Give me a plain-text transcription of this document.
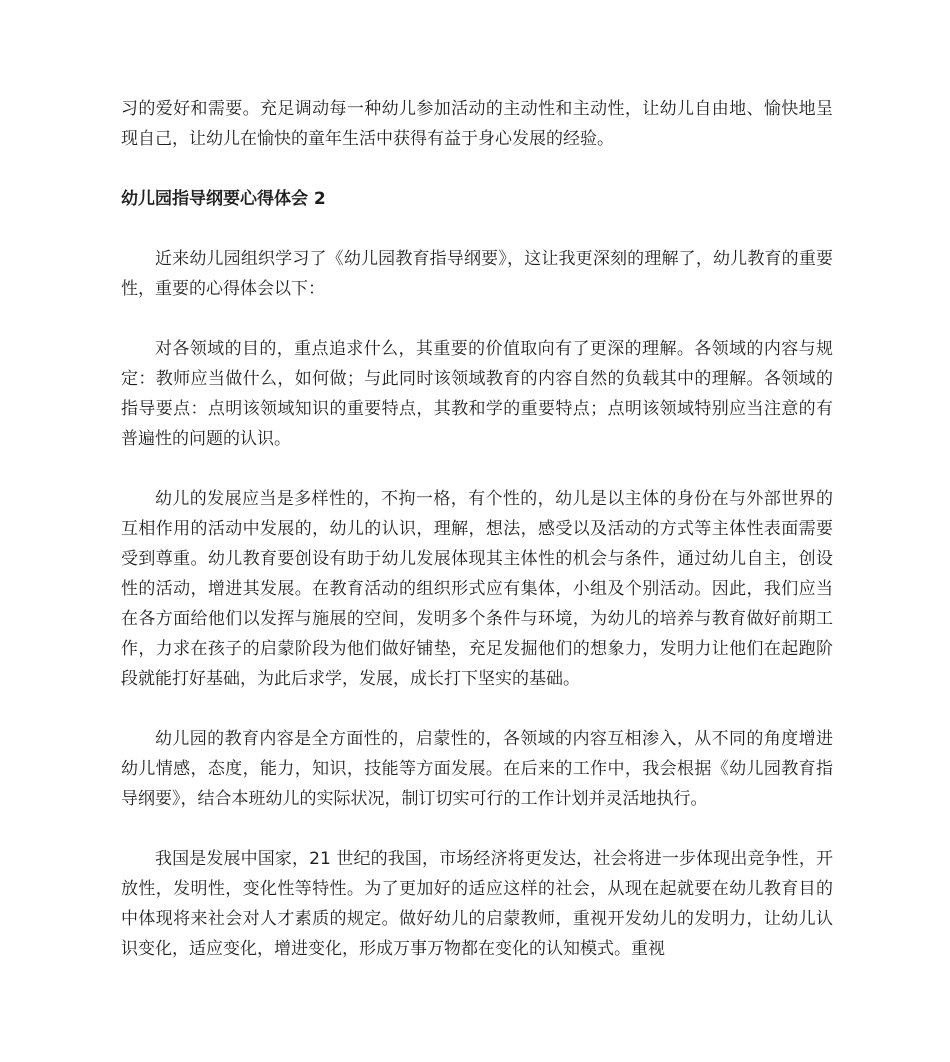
习的爱好和需要。充足调动每一种幼儿参加活动的主动性和主动性，让幼儿自由地、愉快地呈现自己，让幼儿在愉快的童年生活中获得有益于身心发展的经验。

幼儿园指导纲要心得体会 2

近来幼儿园组织学习了《幼儿园教育指导纲要》，这让我更深刻的理解了，幼儿教育的重要性，重要的心得体会以下：

对各领域的目的，重点追求什么，其重要的价值取向有了更深的理解。各领域的内容与规定：教师应当做什么，如何做；与此同时该领域教育的内容自然的负载其中的理解。各领域的指导要点：点明该领域知识的重要特点，其教和学的重要特点；点明该领域特别应当注意的有普遍性的问题的认识。

幼儿的发展应当是多样性的，不拘一格，有个性的，幼儿是以主体的身份在与外部世界的互相作用的活动中发展的，幼儿的认识，理解，想法，感受以及活动的方式等主体性表面需要受到尊重。幼儿教育要创设有助于幼儿发展体现其主体性的机会与条件，通过幼儿自主，创设性的活动，增进其发展。在教育活动的组织形式应有集体，小组及个别活动。因此，我们应当在各方面给他们以发挥与施展的空间，发明多个条件与环境，为幼儿的培养与教育做好前期工作，力求在孩子的启蒙阶段为他们做好铺垫，充足发掘他们的想象力，发明力让他们在起跑阶段就能打好基础，为此后求学，发展，成长打下坚实的基础。

幼儿园的教育内容是全方面性的，启蒙性的，各领域的内容互相渗入，从不同的角度增进幼儿情感，态度，能力，知识，技能等方面发展。在后来的工作中，我会根据《幼儿园教育指导纲要》，结合本班幼儿的实际状况，制订切实可行的工作计划并灵活地执行。

我国是发展中国家，21 世纪的我国，市场经济将更发达，社会将进一步体现出竞争性，开放性，发明性，变化性等特性。为了更加好的适应这样的社会，从现在起就要在幼儿教育目的中体现将来社会对人才素质的规定。做好幼儿的启蒙教师，重视开发幼儿的发明力，让幼儿认识变化，适应变化，增进变化，形成万事万物都在变化的认知模式。重视
